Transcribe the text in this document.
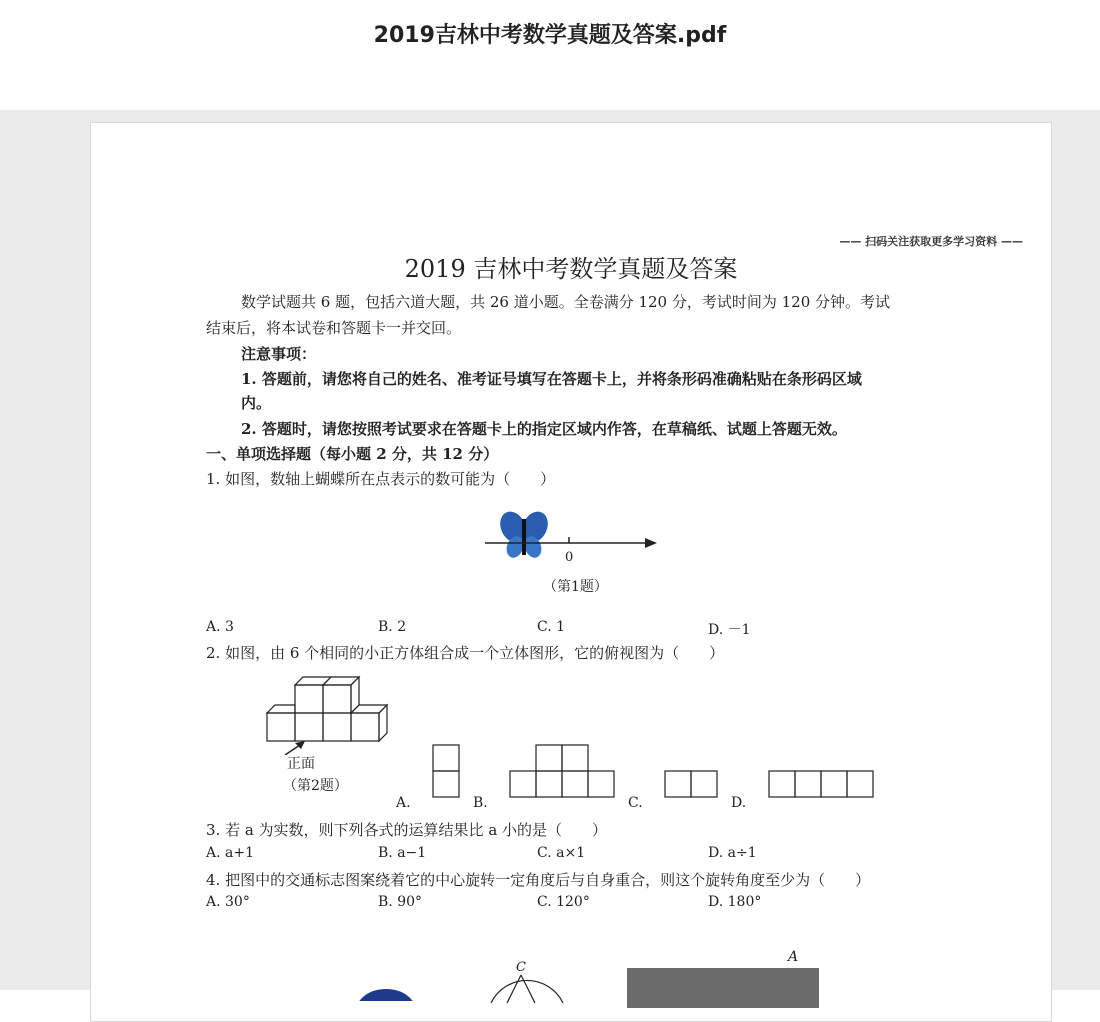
2019吉林中考数学真题及答案.pdf
—— 扫码关注获取更多学习资料 ——
2019 吉林中考数学真题及答案
数学试题共 6 题，包括六道大题，共 26 道小题。全卷满分 120 分，考试时间为 120 分钟。考试
结束后，将本试卷和答题卡一并交回。
注意事项：
1. 答题前，请您将自己的姓名、准考证号填写在答题卡上，并将条形码准确粘贴在条形码区域
内。
2. 答题时，请您按照考试要求在答题卡上的指定区域内作答，在草稿纸、试题上答题无效。
一、单项选择题（每小题 2 分，共 12 分）
1. 如图，数轴上蝴蝶所在点表示的数可能为（　　）
0
（第1题）
A. 3	B. 2	C. 1	D. －1
2. 如图，由 6 个相同的小正方体组合成一个立体图形，它的俯视图为（　　）
正面
（第2题）
A.	B.	C.	D.
3. 若 a 为实数，则下列各式的运算结果比 a 小的是（　　）
A. a+1	B. a−1	C. a×1	D. a÷1
4. 把图中的交通标志图案绕着它的中心旋转一定角度后与自身重合，则这个旋转角度至少为（　　）
A. 30°	B. 90°	C. 120°	D. 180°
C
A
